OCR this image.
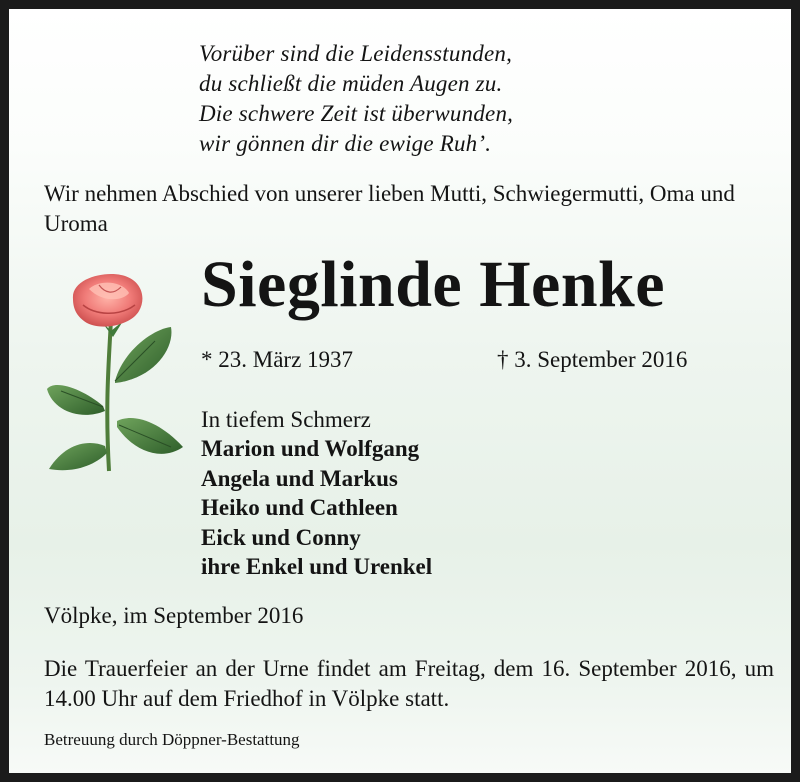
Vorüber sind die Leidensstunden,
du schließt die müden Augen zu.
Die schwere Zeit ist überwunden,
wir gönnen dir die ewige Ruh’.

Wir nehmen Abschied von unserer lieben Mutti, Schwiegermutti, Oma und Uroma

Sieglinde Henke
* 23. März 1937	† 3. September 2016
In tiefem Schmerz
Marion und Wolfgang
Angela und Markus
Heiko und Cathleen
Eick und Conny
ihre Enkel und Urenkel
Völpke, im September 2016

Die Trauerfeier an der Urne findet am Freitag, dem 16. September 2016, um 14.00 Uhr auf dem Friedhof in Völpke statt.

Betreuung durch Döppner-Bestattung
